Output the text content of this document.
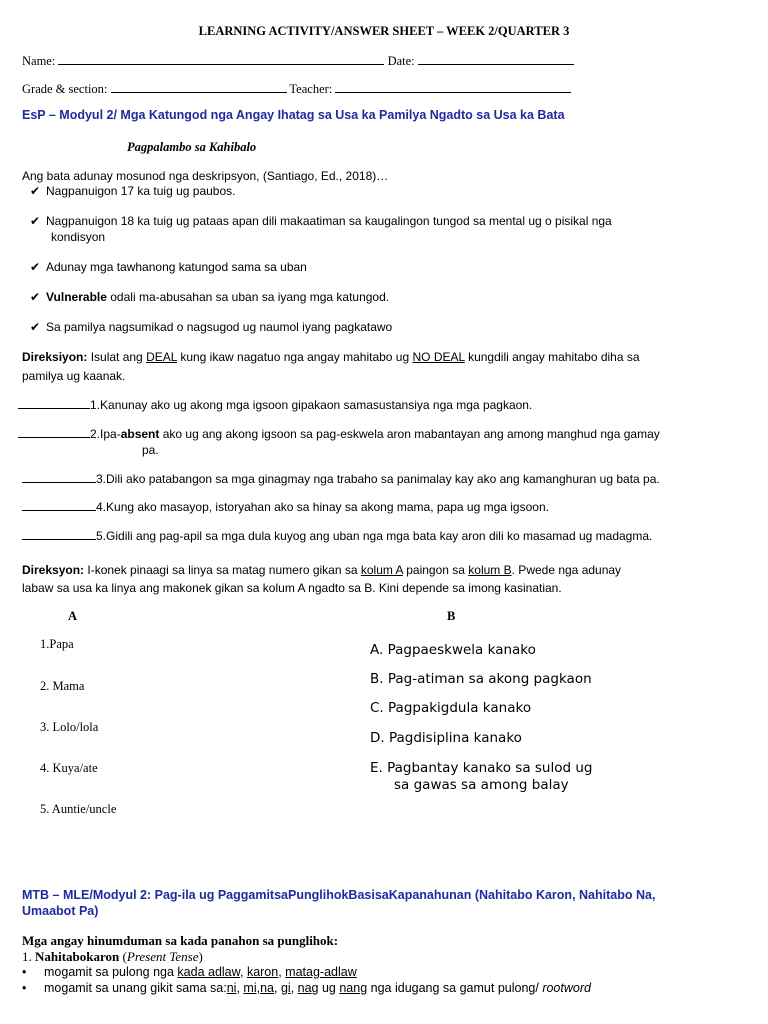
LEARNING ACTIVITY/ANSWER SHEET – WEEK 2/QUARTER 3
Name:	Date:
Grade & section:	Teacher:
EsP – Modyul 2/ Mga Katungod nga Angay Ihatag sa Usa ka Pamilya Ngadto sa Usa ka Bata
Pagpalambo sa Kahibalo
Ang bata adunay mosunod nga deskripsyon, (Santiago, Ed., 2018)…
✔ Nagpanuigon 17 ka tuig ug paubos.
✔ Nagpanuigon 18 ka tuig ug pataas apan dili makaatiman sa kaugalingon tungod sa mental ug o pisikal nga
kondisyon
✔ Adunay mga tawhanong katungod sama sa uban
✔ Vulnerable odali ma-abusahan sa uban sa iyang mga katungod.
✔ Sa pamilya nagsumikad o nagsugod ug naumol iyang pagkatawo
Direksiyon: Isulat ang DEAL kung ikaw nagatuo nga angay mahitabo ug NO DEAL kungdili angay mahitabo diha sa
pamilya ug kaanak.
1.Kanunay ako ug akong mga igsoon gipakaon samasustansiya nga mga pagkaon.
2.Ipa-absent ako ug ang akong igsoon sa pag-eskwela aron mabantayan ang among manghud nga gamay
pa.
3.Dili ako patabangon sa mga ginagmay nga trabaho sa panimalay kay ako ang kamanghuran ug bata pa.
4.Kung ako masayop, istoryahan ako sa hinay sa akong mama, papa ug mga igsoon.
5.Gidili ang pag-apil sa mga dula kuyog ang uban nga mga bata kay aron dili ko masamad ug madagma.
Direksyon: I-konek pinaagi sa linya sa matag numero gikan sa kolum A paingon sa kolum B. Pwede nga adunay
labaw sa usa ka linya ang makonek gikan sa kolum A ngadto sa B. Kini depende sa imong kasinatian.
A	B
1.Papa
2. Mama
3. Lolo/lola
4. Kuya/ate
5. Auntie/uncle
A. Pagpaeskwela kanako
B. Pag-atiman sa akong pagkaon
C. Pagpakigdula kanako
D. Pagdisiplina kanako
E. Pagbantay kanako sa sulod ug
sa gawas sa among balay
MTB – MLE/Modyul 2: Pag-ila ug PaggamitsaPunglihokBasisaKapanahunan (Nahitabo Karon, Nahitabo Na,
Umaabot Pa)
Mga angay hinumduman sa kada panahon sa punglihok:
1. Nahitabokaron (Present Tense)
• mogamit sa pulong nga kada adlaw, karon, matag-adlaw
• mogamit sa unang gikit sama sa:ni, mi,na, gi, nag ug nang nga idugang sa gamut pulong/ rootword
